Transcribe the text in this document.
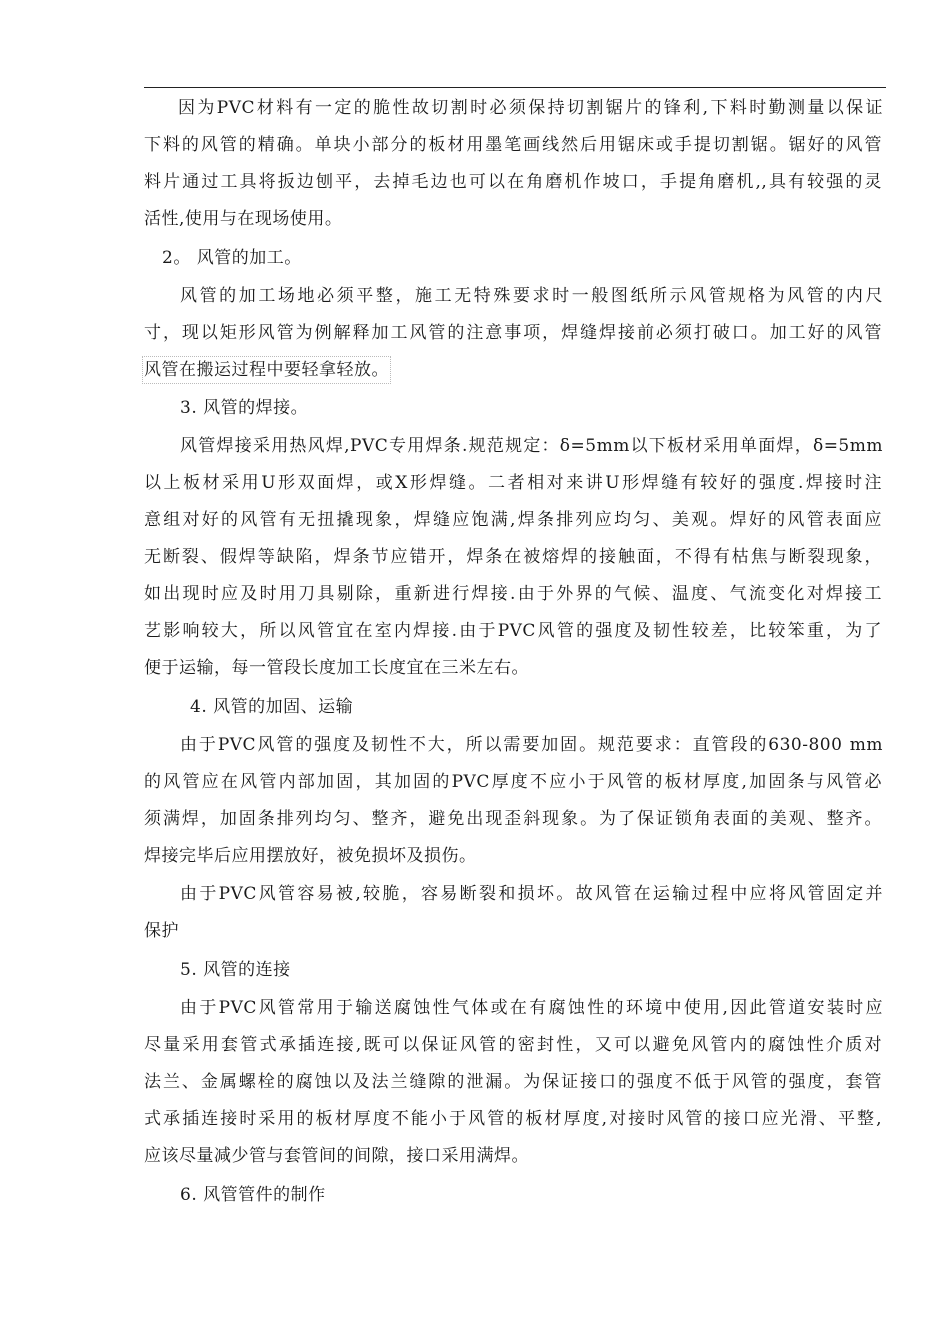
因为PVC材料有一定的脆性故切割时必须保持切割锯片的锋利,下料时勤测量以保证
下料的风管的精确。单块小部分的板材用墨笔画线然后用锯床或手提切割锯。锯好的风管
料片通过工具将扳边刨平，去掉毛边也可以在角磨机作坡口，手提角磨机,,具有较强的灵
活性,使用与在现场使用。
2。 风管的加工。
风管的加工场地必须平整，施工无特殊要求时一般图纸所示风管规格为风管的内尺
寸，现以矩形风管为例解释加工风管的注意事项，焊缝焊接前必须打破口。加工好的风管
风管在搬运过程中要轻拿轻放。
3. 风管的焊接。
风管焊接采用热风焊,PVC专用焊条.规范规定：δ=5mm以下板材采用单面焊，δ=5mm
以上板材采用U形双面焊，或X形焊缝。二者相对来讲U形焊缝有较好的强度.焊接时注
意组对好的风管有无扭撬现象，焊缝应饱满,焊条排列应均匀、美观。焊好的风管表面应
无断裂、假焊等缺陷，焊条节应错开，焊条在被熔焊的接触面，不得有枯焦与断裂现象，
如出现时应及时用刀具剔除，重新进行焊接.由于外界的气候、温度、气流变化对焊接工
艺影响较大，所以风管宜在室内焊接.由于PVC风管的强度及韧性较差，比较笨重，为了
便于运输，每一管段长度加工长度宜在三米左右。
4. 风管的加固、运输
由于PVC风管的强度及韧性不大，所以需要加固。规范要求：直管段的630-800 mm
的风管应在风管内部加固，其加固的PVC厚度不应小于风管的板材厚度,加固条与风管必
须满焊，加固条排列均匀、整齐，避免出现歪斜现象。为了保证锁角表面的美观、整齐。
焊接完毕后应用摆放好，被免损坏及损伤。
由于PVC风管容易被,较脆，容易断裂和损坏。故风管在运输过程中应将风管固定并
保护
5. 风管的连接
由于PVC风管常用于输送腐蚀性气体或在有腐蚀性的环境中使用,因此管道安装时应
尽量采用套管式承插连接,既可以保证风管的密封性，又可以避免风管内的腐蚀性介质对
法兰、金属螺栓的腐蚀以及法兰缝隙的泄漏。为保证接口的强度不低于风管的强度，套管
式承插连接时采用的板材厚度不能小于风管的板材厚度,对接时风管的接口应光滑、平整,
应该尽量减少管与套管间的间隙，接口采用满焊。
6. 风管管件的制作
